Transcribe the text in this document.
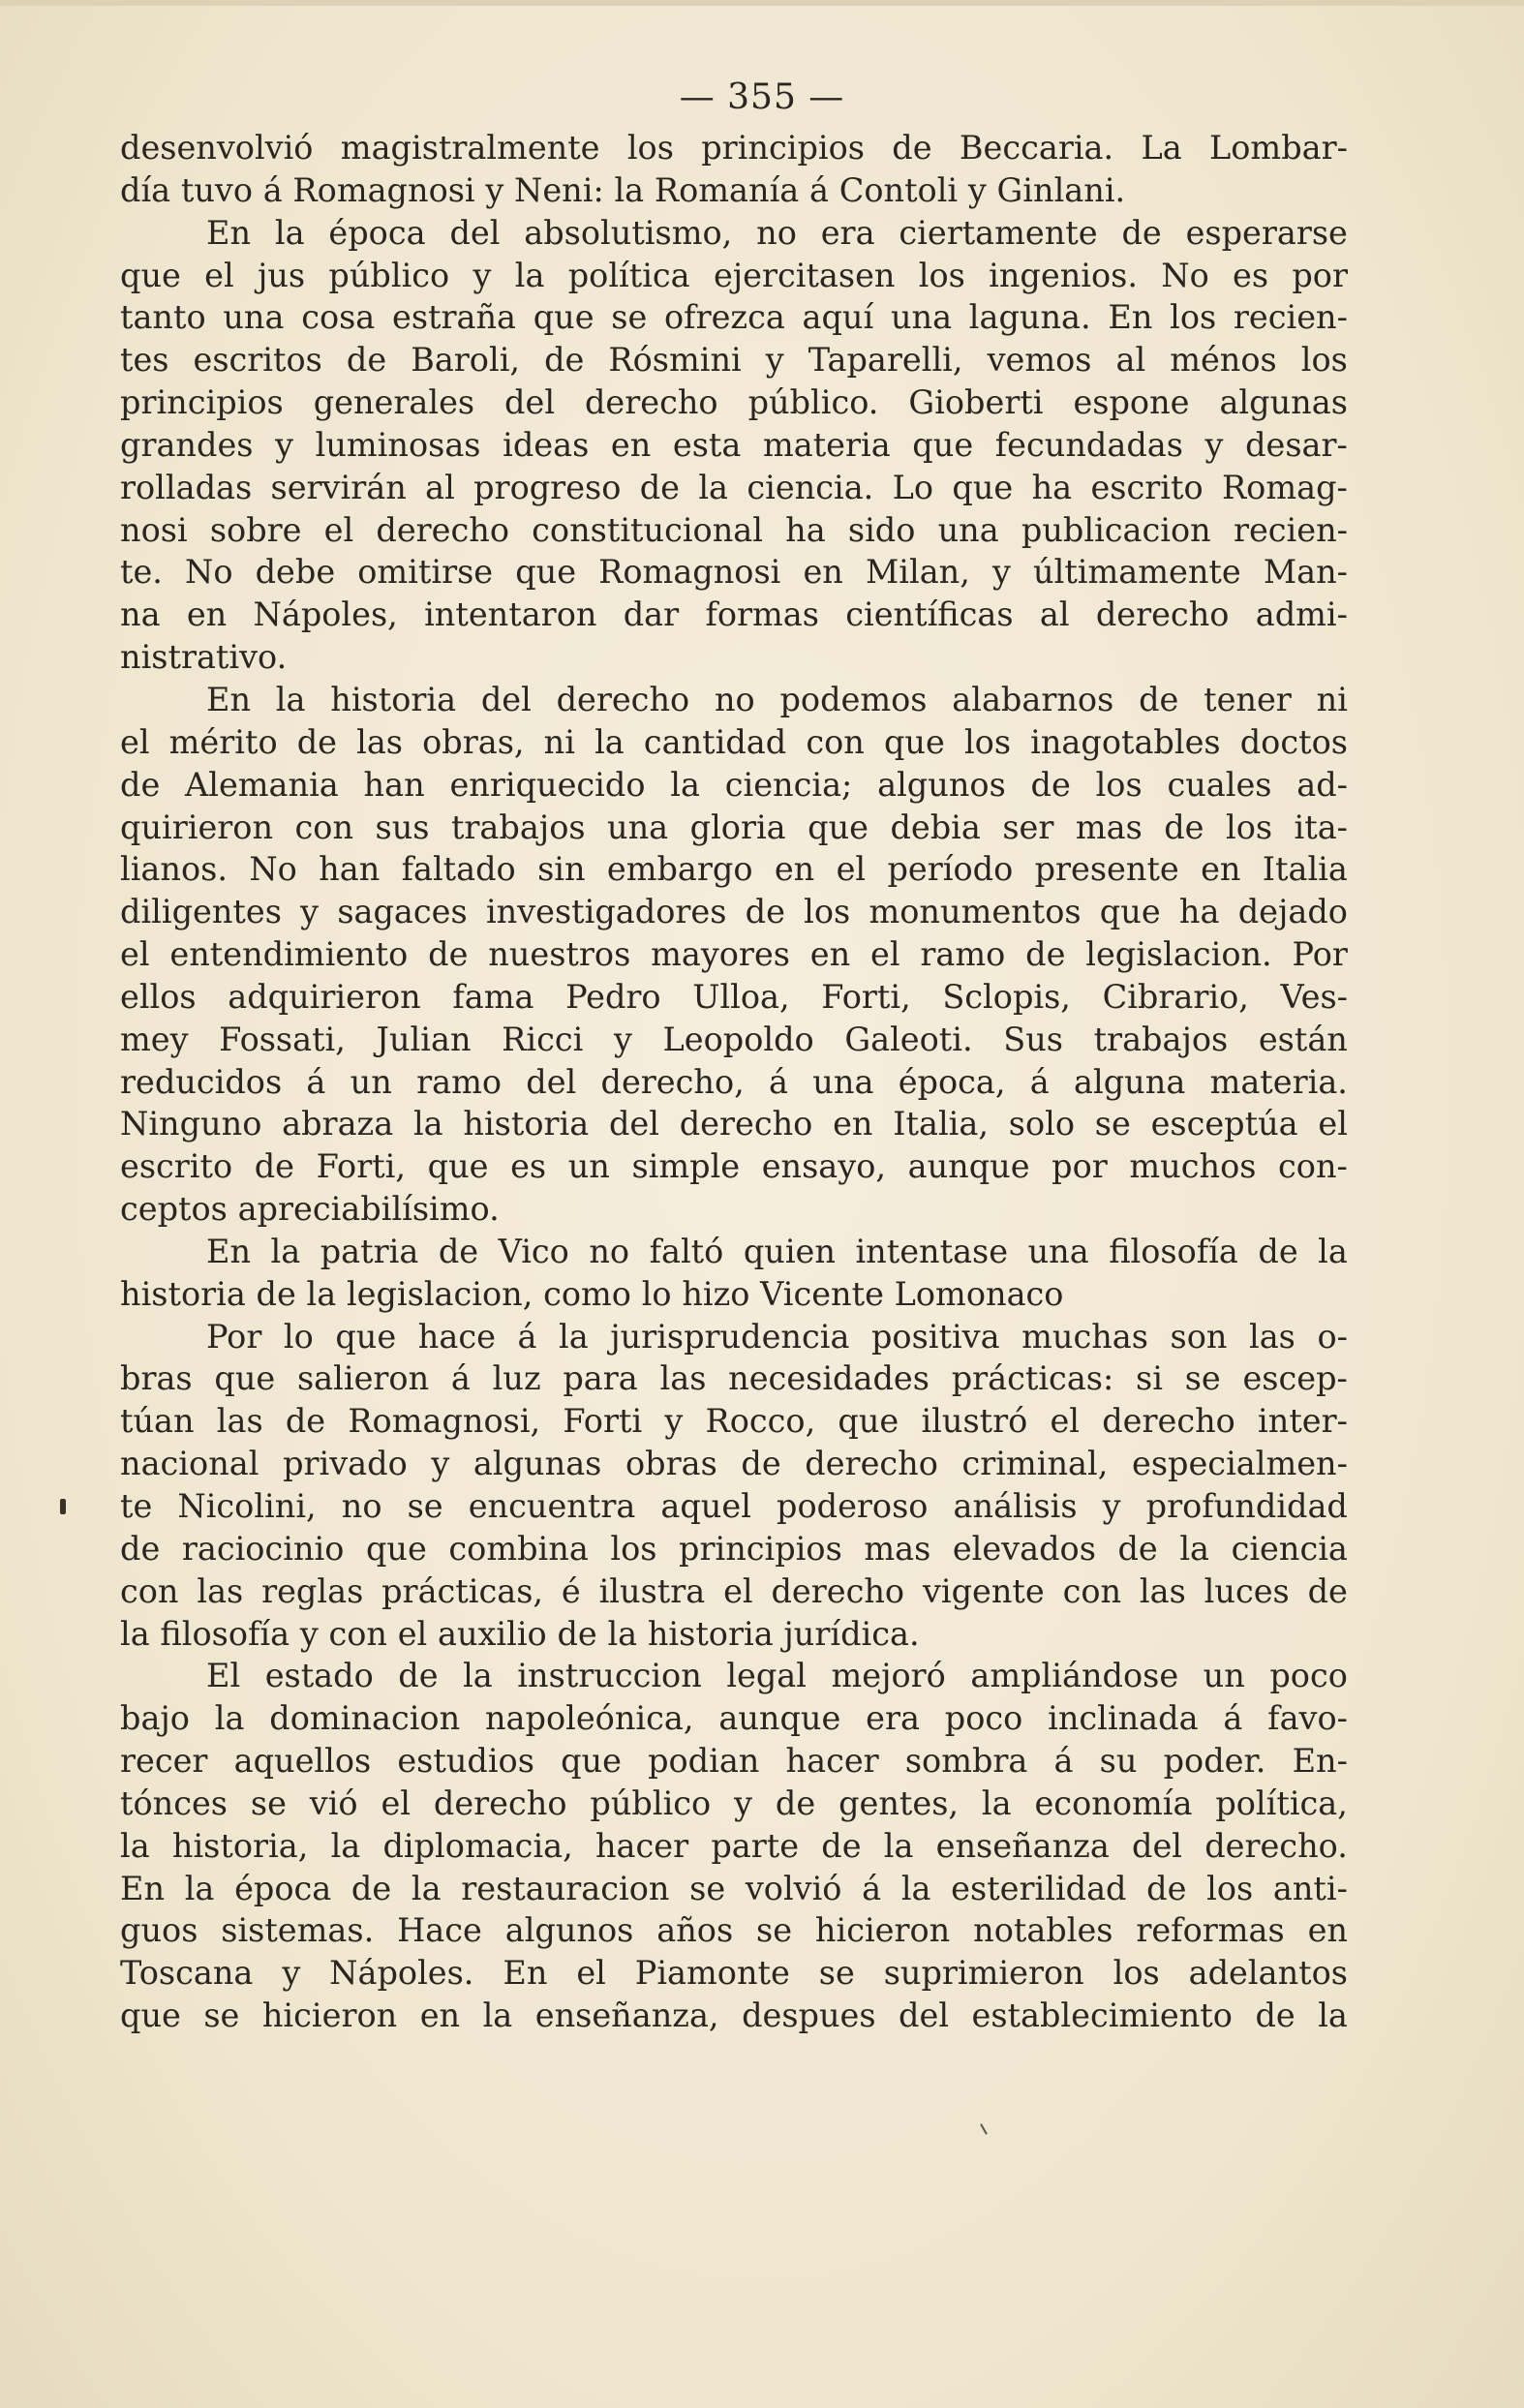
— 355 —
desenvolvió magistralmente los principios de Beccaria. La Lombar-
día tuvo á Romagnosi y Neni: la Romanía á Contoli y Ginlani.
En la época del absolutismo, no era ciertamente de esperarse
que el jus público y la política ejercitasen los ingenios. No es por
tanto una cosa estraña que se ofrezca aquí una laguna. En los recien-
tes escritos de Baroli, de Rósmini y Taparelli, vemos al ménos los
principios generales del derecho público. Gioberti espone algunas
grandes y luminosas ideas en esta materia que fecundadas y desar-
rolladas servirán al progreso de la ciencia. Lo que ha escrito Romag-
nosi sobre el derecho constitucional ha sido una publicacion recien-
te. No debe omitirse que Romagnosi en Milan, y últimamente Man-
na en Nápoles, intentaron dar formas científicas al derecho admi-
nistrativo.
En la historia del derecho no podemos alabarnos de tener ni
el mérito de las obras, ni la cantidad con que los inagotables doctos
de Alemania han enriquecido la ciencia; algunos de los cuales ad-
quirieron con sus trabajos una gloria que debia ser mas de los ita-
lianos. No han faltado sin embargo en el período presente en Italia
diligentes y sagaces investigadores de los monumentos que ha dejado
el entendimiento de nuestros mayores en el ramo de legislacion. Por
ellos adquirieron fama Pedro Ulloa, Forti, Sclopis, Cibrario, Ves-
mey Fossati, Julian Ricci y Leopoldo Galeoti. Sus trabajos están
reducidos á un ramo del derecho, á una época, á alguna materia.
Ninguno abraza la historia del derecho en Italia, solo se esceptúa el
escrito de Forti, que es un simple ensayo, aunque por muchos con-
ceptos apreciabilísimo.
En la patria de Vico no faltó quien intentase una filosofía de la
historia de la legislacion, como lo hizo Vicente Lomonaco
Por lo que hace á la jurisprudencia positiva muchas son las o-
bras que salieron á luz para las necesidades prácticas: si se escep-
túan las de Romagnosi, Forti y Rocco, que ilustró el derecho inter-
nacional privado y algunas obras de derecho criminal, especialmen-
te Nicolini, no se encuentra aquel poderoso análisis y profundidad
de raciocinio que combina los principios mas elevados de la ciencia
con las reglas prácticas, é ilustra el derecho vigente con las luces de
la filosofía y con el auxilio de la historia jurídica.
El estado de la instruccion legal mejoró ampliándose un poco
bajo la dominacion napoleónica, aunque era poco inclinada á favo-
recer aquellos estudios que podian hacer sombra á su poder. En-
tónces se vió el derecho público y de gentes, la economía política,
la historia, la diplomacia, hacer parte de la enseñanza del derecho.
En la época de la restauracion se volvió á la esterilidad de los anti-
guos sistemas. Hace algunos años se hicieron notables reformas en
Toscana y Nápoles. En el Piamonte se suprimieron los adelantos
que se hicieron en la enseñanza, despues del establecimiento de la
